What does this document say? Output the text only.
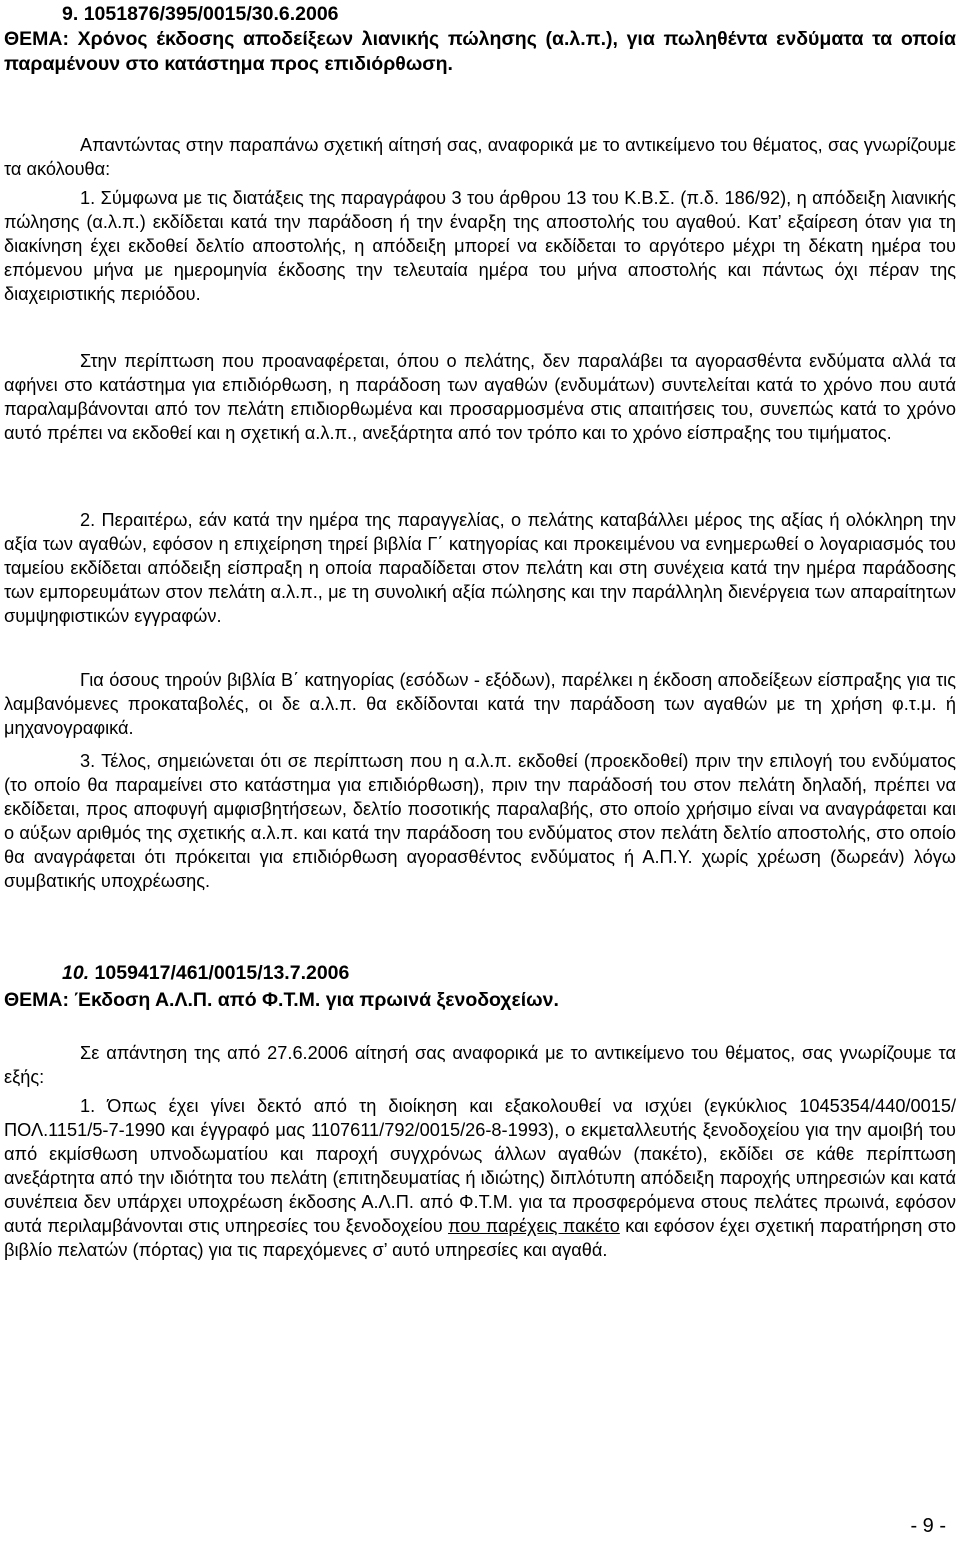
9. 1051876/395/0015/30.6.2006
ΘΕΜΑ: Χρόνος έκδοσης αποδείξεων λιανικής πώλησης (α.λ.π.), για πωληθέντα ενδύματα τα οποία παραμένουν στο κατάστημα προς επιδιόρθωση.

Απαντώντας στην παραπάνω σχετική αίτησή σας, αναφορικά με το αντικείμενο του θέματος, σας γνωρίζουμε τα ακόλουθα:

1. Σύμφωνα με τις διατάξεις της παραγράφου 3 του άρθρου 13 του Κ.Β.Σ. (π.δ. 186/92), η απόδειξη λιανικής πώλησης (α.λ.π.) εκδίδεται κατά την παράδοση ή την έναρξη της αποστολής του αγαθού. Κατ’ εξαίρεση όταν για τη διακίνηση έχει εκδοθεί δελτίο αποστολής, η απόδειξη μπορεί να εκδίδεται το αργότερο μέχρι τη δέκατη ημέρα του επόμενου μήνα με ημερομηνία έκδοσης την τελευταία ημέρα του μήνα αποστολής και πάντως όχι πέραν της διαχειριστικής περιόδου.

Στην περίπτωση που προαναφέρεται, όπου ο πελάτης, δεν παραλάβει τα αγορασθέντα ενδύματα αλλά τα αφήνει στο κατάστημα για επιδιόρθωση, η παράδοση των αγαθών (ενδυμάτων) συντελείται κατά το χρόνο που αυτά παραλαμβάνονται από τον πελάτη επιδιορθωμένα και προσαρμοσμένα στις απαιτήσεις του, συνεπώς κατά το χρόνο αυτό πρέπει να εκδοθεί και η σχετική α.λ.π., ανεξάρτητα από τον τρόπο και το χρόνο είσπραξης του τιμήματος.

2. Περαιτέρω, εάν κατά την ημέρα της παραγγελίας, ο πελάτης καταβάλλει μέρος της αξίας ή ολόκληρη την αξία των αγαθών, εφόσον η επιχείρηση τηρεί βιβλία Γ΄ κατηγορίας και προκειμένου να ενημερωθεί ο λογαριασμός του ταμείου εκδίδεται απόδειξη είσπραξη η οποία παραδίδεται στον πελάτη και στη συνέχεια κατά την ημέρα παράδοσης των εμπορευμάτων στον πελάτη α.λ.π., με τη συνολική αξία πώλησης και την παράλληλη διενέργεια των απαραίτητων συμψηφιστικών εγγραφών.

Για όσους τηρούν βιβλία Β΄ κατηγορίας (εσόδων - εξόδων), παρέλκει η έκδοση αποδείξεων είσπραξης για τις λαμβανόμενες προκαταβολές, οι δε α.λ.π. θα εκδίδονται κατά την παράδοση των αγαθών με τη χρήση φ.τ.μ. ή μηχανογραφικά.

3. Τέλος, σημειώνεται ότι σε περίπτωση που η α.λ.π. εκδοθεί (προεκδοθεί) πριν την επιλογή του ενδύματος (το οποίο θα παραμείνει στο κατάστημα για επιδιόρθωση), πριν την παράδοσή του στον πελάτη δηλαδή, πρέπει να εκδίδεται, προς αποφυγή αμφισβητήσεων, δελτίο ποσοτικής παραλαβής, στο οποίο χρήσιμο είναι να αναγράφεται και ο αύξων αριθμός της σχετικής α.λ.π. και κατά την παράδοση του ενδύματος στον πελάτη δελτίο αποστολής, στο οποίο θα αναγράφεται ότι πρόκειται για επιδιόρθωση αγορασθέντος ενδύματος ή Α.Π.Υ. χωρίς χρέωση (δωρεάν) λόγω συμβατικής υποχρέωσης.

10. 1059417/461/0015/13.7.2006
ΘΕΜΑ: Έκδοση Α.Λ.Π. από Φ.Τ.Μ. για πρωινά ξενοδοχείων.

Σε απάντηση της από 27.6.2006 αίτησή σας αναφορικά με το αντικείμενο του θέματος, σας γνωρίζουμε τα εξής:

1. Όπως έχει γίνει δεκτό από τη διοίκηση και εξακολουθεί να ισχύει (εγκύκλιος 1045354/440/0015/ΠΟΛ.1151/5-7-1990 και έγγραφό μας 1107611/792/0015/26-8-1993), ο εκμεταλλευτής ξενοδοχείου για την αμοιβή του από εκμίσθωση υπνοδωματίου και παροχή συγχρόνως άλλων αγαθών (πακέτο), εκδίδει σε κάθε περίπτωση ανεξάρτητα από την ιδιότητα του πελάτη (επιτηδευματίας ή ιδιώτης) διπλότυπη απόδειξη παροχής υπηρεσιών και κατά συνέπεια δεν υπάρχει υποχρέωση έκδοσης Α.Λ.Π. από Φ.Τ.Μ. για τα προσφερόμενα στους πελάτες πρωινά, εφόσον αυτά περιλαμβάνονται στις υπηρεσίες του ξενοδοχείου που παρέχεις πακέτο και εφόσον έχει σχετική παρατήρηση στο βιβλίο πελατών (πόρτας) για τις παρεχόμενες σ’ αυτό υπηρεσίες και αγαθά.

- 9 -
